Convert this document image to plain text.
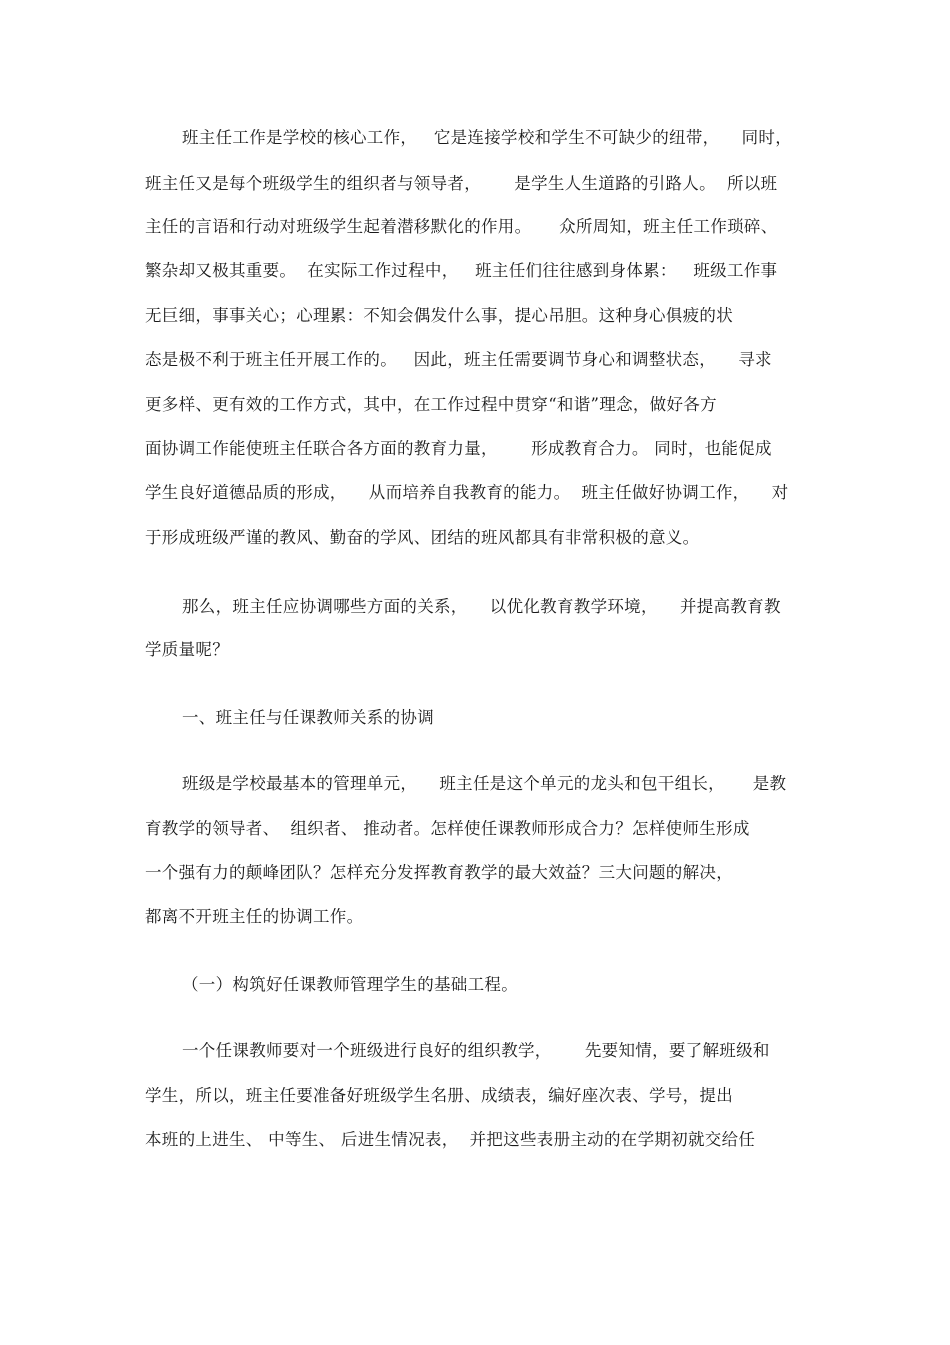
班主任工作是学校的核心工作，   它是连接学校和学生不可缺少的纽带，    同时，
班主任又是每个班级学生的组织者与领导者，      是学生人生道路的引路人。  所以班
主任的言语和行动对班级学生起着潜移默化的作用。     众所周知，班主任工作琐碎、
繁杂却又极其重要。  在实际工作过程中，   班主任们往往感到身体累：   班级工作事
无巨细，事事关心；心理累：不知会偶发什么事，提心吊胆。这种身心俱疲的状
态是极不利于班主任开展工作的。   因此，班主任需要调节身心和调整状态，    寻求
更多样、更有效的工作方式，其中，在工作过程中贯穿“和谐”理念，做好各方
面协调工作能使班主任联合各方面的教育力量，      形成教育合力。 同时，也能促成
学生良好道德品质的形成，    从而培养自我教育的能力。  班主任做好协调工作，    对
于形成班级严谨的教风、勤奋的学风、团结的班风都具有非常积极的意义。
那么，班主任应协调哪些方面的关系，    以优化教育教学环境，    并提高教育教
学质量呢？
一、班主任与任课教师关系的协调
班级是学校最基本的管理单元，    班主任是这个单元的龙头和包干组长，     是教
育教学的领导者、  组织者、 推动者。怎样使任课教师形成合力？怎样使师生形成
一个强有力的颠峰团队？怎样充分发挥教育教学的最大效益？三大问题的解决，
都离不开班主任的协调工作。
（一）构筑好任课教师管理学生的基础工程。
一个任课教师要对一个班级进行良好的组织教学，      先要知情，要了解班级和
学生，所以，班主任要准备好班级学生名册、成绩表，编好座次表、学号，提出
本班的上进生、 中等生、 后进生情况表，  并把这些表册主动的在学期初就交给任
